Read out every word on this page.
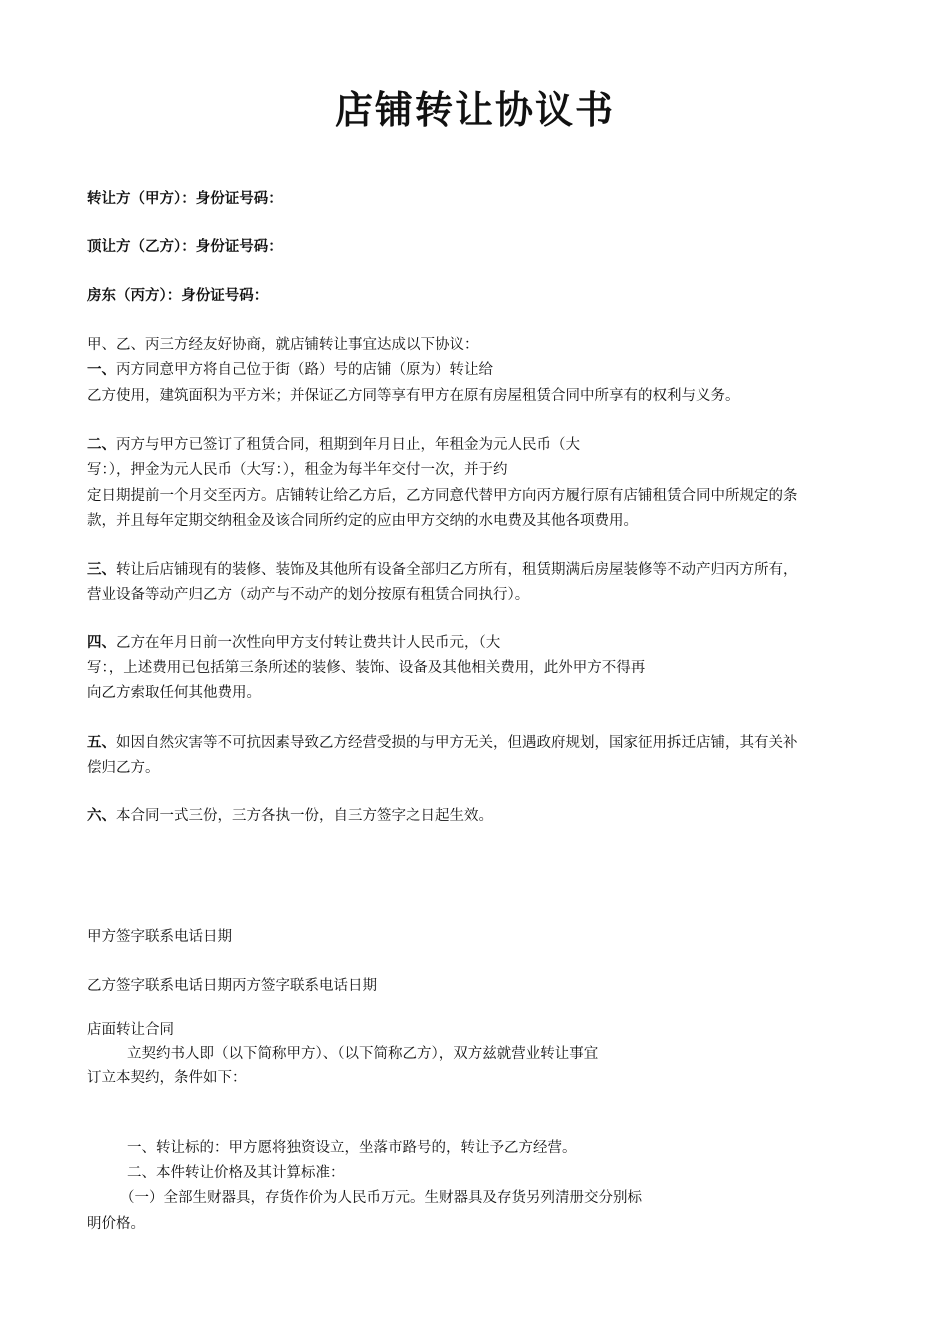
店铺转让协议书

转让方（甲方）：身份证号码：

顶让方（乙方）：身份证号码：

房东（丙方）：身份证号码：

甲、乙、丙三方经友好协商，就店铺转让事宜达成以下协议：

一、丙方同意甲方将自己位于街（路）号的店铺（原为）转让给

乙方使用，建筑面积为平方米；并保证乙方同等享有甲方在原有房屋租赁合同中所享有的权利与义务。

二、丙方与甲方已签订了租赁合同，租期到年月日止，年租金为元人民币（大

写：），押金为元人民币（大写：），租金为每半年交付一次，并于约

定日期提前一个月交至丙方。店铺转让给乙方后，乙方同意代替甲方向丙方履行原有店铺租赁合同中所规定的条

款，并且每年定期交纳租金及该合同所约定的应由甲方交纳的水电费及其他各项费用。

三、转让后店铺现有的装修、装饰及其他所有设备全部归乙方所有，租赁期满后房屋装修等不动产归丙方所有，

营业设备等动产归乙方（动产与不动产的划分按原有租赁合同执行）。

四、乙方在年月日前一次性向甲方支付转让费共计人民币元，（大

写：，上述费用已包括第三条所述的装修、装饰、设备及其他相关费用，此外甲方不得再

向乙方索取任何其他费用。

五、如因自然灾害等不可抗因素导致乙方经营受损的与甲方无关，但遇政府规划，国家征用拆迁店铺，其有关补

偿归乙方。

六、本合同一式三份，三方各执一份，自三方签字之日起生效。

甲方签字联系电话日期

乙方签字联系电话日期丙方签字联系电话日期

店面转让合同

立契约书人即（以下简称甲方）、（以下简称乙方），双方兹就营业转让事宜

订立本契约，条件如下：

一、转让标的：甲方愿将独资设立，坐落市路号的，转让予乙方经营。

二、本件转让价格及其计算标准：

（一）全部生财器具，存货作价为人民币万元。生财器具及存货另列清册交分别标

明价格。
